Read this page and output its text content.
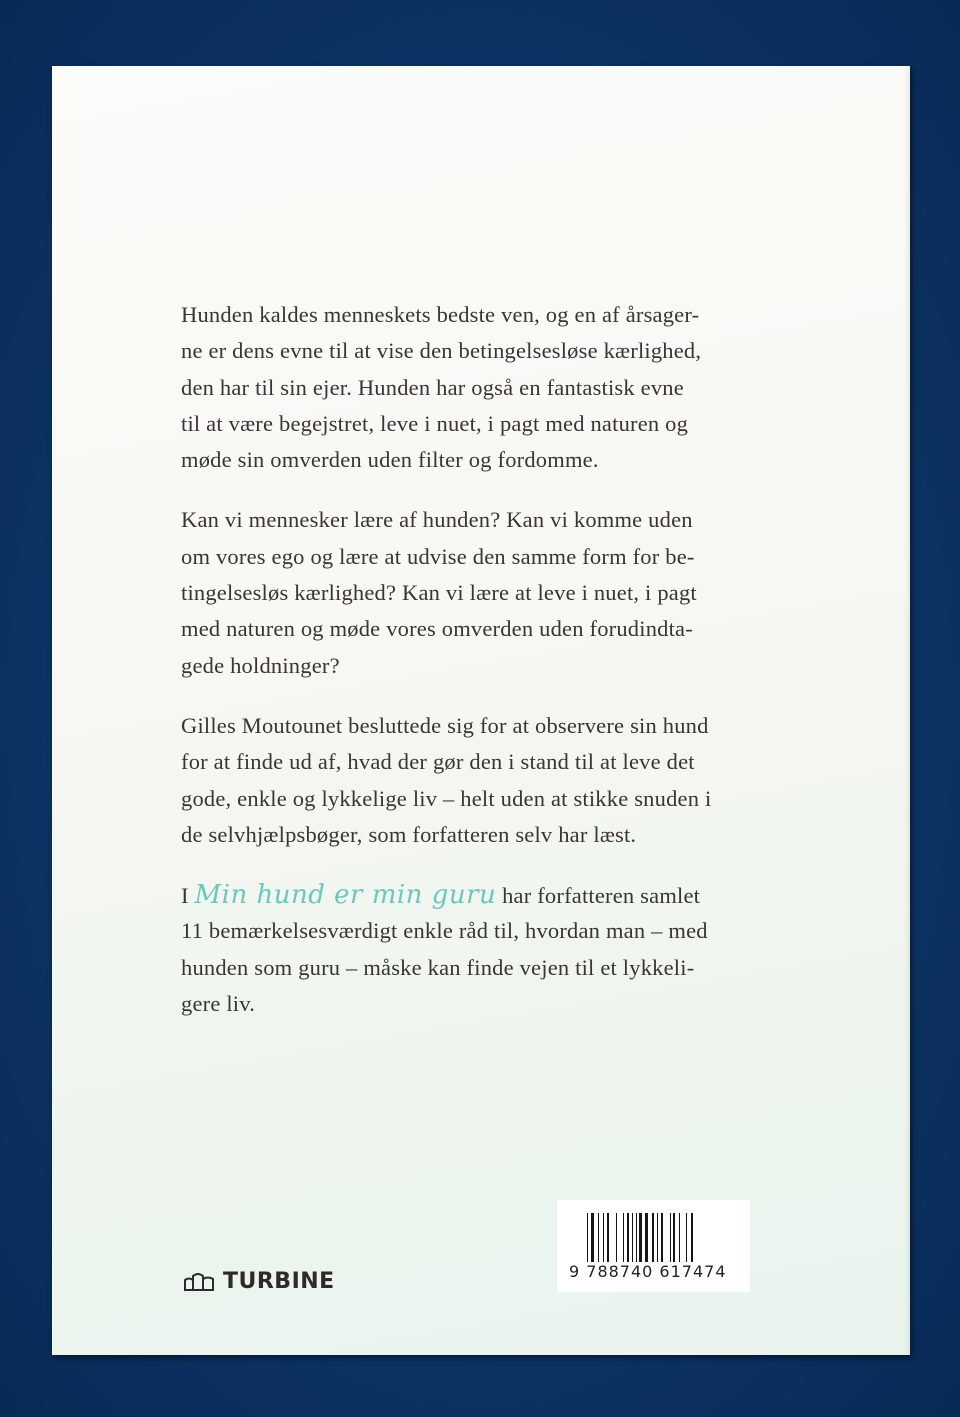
Hunden kaldes menneskets bedste ven, og en af årsager-
ne er dens evne til at vise den betingelsesløse kærlighed,
den har til sin ejer. Hunden har også en fantastisk evne
til at være begejstret, leve i nuet, i pagt med naturen og
møde sin omverden uden filter og fordomme.

Kan vi mennesker lære af hunden? Kan vi komme uden
om vores ego og lære at udvise den samme form for be-
tingelsesløs kærlighed? Kan vi lære at leve i nuet, i pagt
med naturen og møde vores omverden uden forudindta-
gede holdninger?

Gilles Moutounet besluttede sig for at observere sin hund
for at finde ud af, hvad der gør den i stand til at leve det
gode, enkle og lykkelige liv – helt uden at stikke snuden i
de selvhjælpsbøger, som forfatteren selv har læst.

I Min hund er min guru har forfatteren samlet
11 bemærkelsesværdigt enkle råd til, hvordan man – med
hunden som guru – måske kan finde vejen til et lykkeli-
gere liv.

TURBINE	9 788740 617474
